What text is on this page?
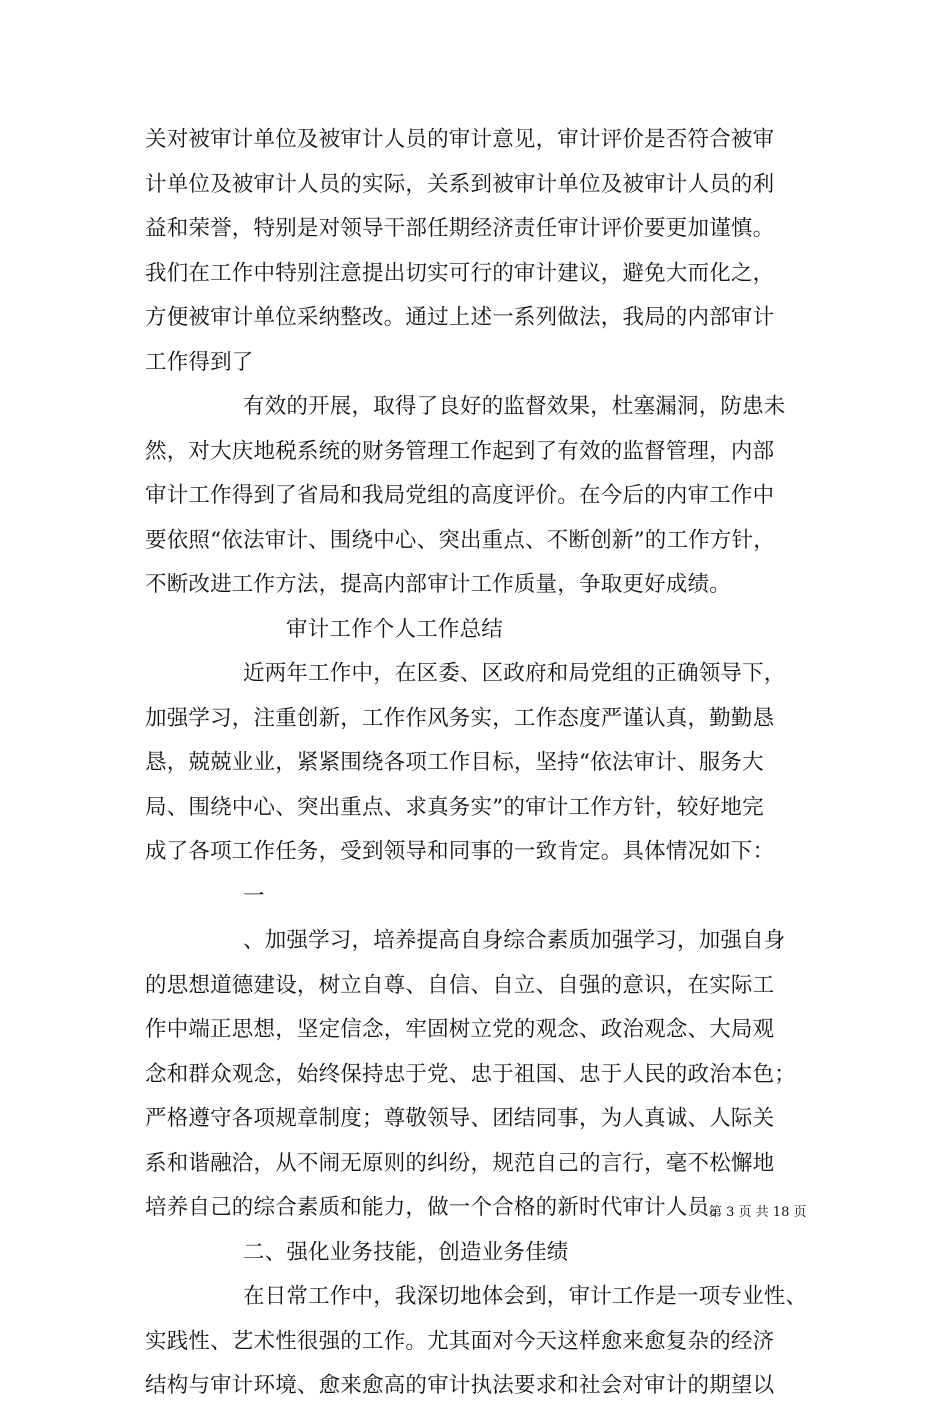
关对被审计单位及被审计人员的审计意见，审计评价是否符合被审
计单位及被审计人员的实际，关系到被审计单位及被审计人员的利
益和荣誉，特别是对领导干部任期经济责任审计评价要更加谨慎。
我们在工作中特别注意提出切实可行的审计建议，避免大而化之，
方便被审计单位采纳整改。通过上述一系列做法，我局的内部审计
工作得到了
有效的开展，取得了良好的监督效果，杜塞漏洞，防患未
然，对大庆地税系统的财务管理工作起到了有效的监督管理，内部
审计工作得到了省局和我局党组的高度评价。在今后的内审工作中
要依照“依法审计、围绕中心、突出重点、不断创新”的工作方针，
不断改进工作方法，提高内部审计工作质量，争取更好成绩。
审计工作个人工作总结
近两年工作中，在区委、区政府和局党组的正确领导下，
加强学习，注重创新，工作作风务实，工作态度严谨认真，勤勤恳
恳，兢兢业业，紧紧围绕各项工作目标，坚持“依法审计、服务大
局、围绕中心、突出重点、求真务实”的审计工作方针，较好地完
成了各项工作任务，受到领导和同事的一致肯定。具体情况如下：
一
、加强学习，培养提高自身综合素质加强学习，加强自身
的思想道德建设，树立自尊、自信、自立、自强的意识，在实际工
作中端正思想，坚定信念，牢固树立党的观念、政治观念、大局观
念和群众观念，始终保持忠于党、忠于祖国、忠于人民的政治本色；
严格遵守各项规章制度；尊敬领导、团结同事，为人真诚、人际关
系和谐融洽，从不闹无原则的纠纷，规范自己的言行，毫不松懈地
培养自己的综合素质和能力，做一个合格的新时代审计人员。
二、强化业务技能，创造业务佳绩
在日常工作中，我深切地体会到，审计工作是一项专业性、
实践性、艺术性很强的工作。尤其面对今天这样愈来愈复杂的经济
结构与审计环境、愈来愈高的审计执法要求和社会对审计的期望以
第 3 页 共 18 页
